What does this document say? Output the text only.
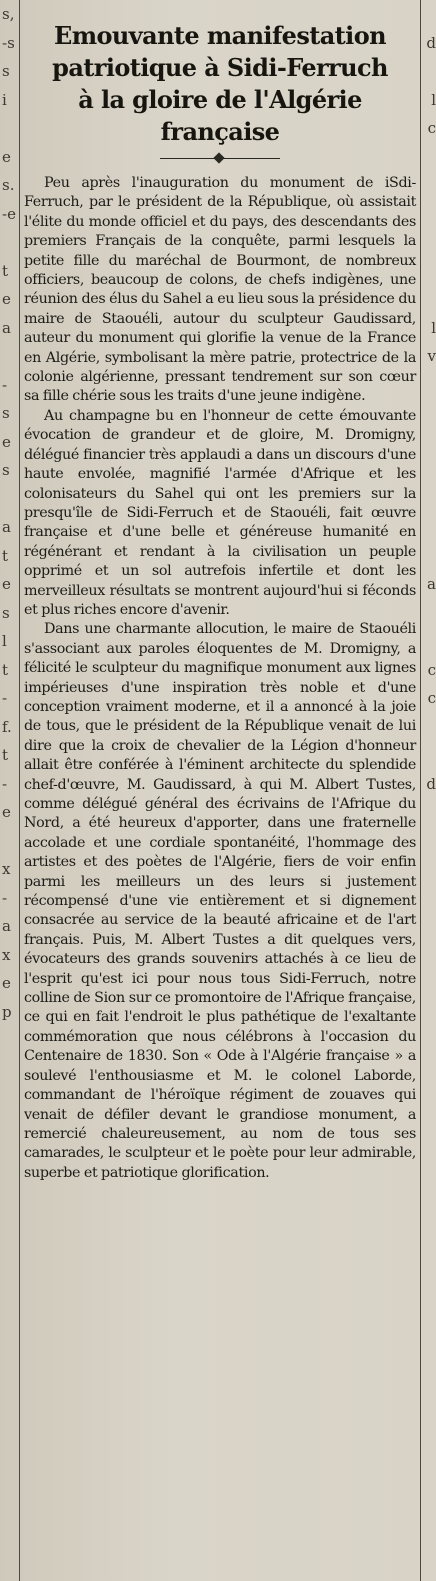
s,
-s
s
i

e
s.
-e

t
e
a

-
s
e
s

a
t
e
s
l
t
-
f.
t
-
e

x
-
a
x
e
p

d

l
c

l
v

a

c
c

d
Emouvante manifestation
patriotique à Sidi-Ferruch
à la gloire de l'Algérie
française

Peu après l'inauguration du monument de iSdi-Ferruch, par le président de la République, où assistait l'élite du monde officiel et du pays, des descendants des premiers Français de la conquête, parmi lesquels la petite fille du maréchal de Bourmont, de nombreux officiers, beaucoup de colons, de chefs indigènes, une réunion des élus du Sahel a eu lieu sous la présidence du maire de Staouéli, autour du sculpteur Gaudissard, auteur du monument qui glorifie la venue de la France en Algérie, symbolisant la mère patrie, protectrice de la colonie algérienne, pressant tendrement sur son cœur sa fille chérie sous les traits d'une jeune indigène.

Au champagne bu en l'honneur de cette émouvante évocation de grandeur et de gloire, M. Dromigny, délégué financier très applaudi a dans un discours d'une haute envolée, magnifié l'armée d'Afrique et les colonisateurs du Sahel qui ont les premiers sur la presqu'île de Sidi-Ferruch et de Staouéli, fait œuvre française et d'une belle et généreuse humanité en régénérant et rendant à la civilisation un peuple opprimé et un sol autrefois infertile et dont les merveilleux résultats se montrent aujourd'hui si féconds et plus riches encore d'avenir.

Dans une charmante allocution, le maire de Staouéli s'associant aux paroles éloquentes de M. Dromigny, a félicité le sculpteur du magnifique monument aux lignes impérieuses d'une inspiration très noble et d'une conception vraiment moderne, et il a annoncé à la joie de tous, que le président de la République venait de lui dire que la croix de chevalier de la Légion d'honneur allait être conférée à l'éminent architecte du splendide chef-d'œuvre, M. Gaudissard, à qui M. Albert Tustes, comme délégué général des écrivains de l'Afrique du Nord, a été heureux d'apporter, dans une fraternelle accolade et une cordiale spontanéité, l'hommage des artistes et des poètes de l'Algérie, fiers de voir enfin parmi les meilleurs un des leurs si justement récompensé d'une vie entièrement et si dignement consacrée au service de la beauté africaine et de l'art français. Puis, M. Albert Tustes a dit quelques vers, évocateurs des grands souvenirs attachés à ce lieu de l'esprit qu'est ici pour nous tous Sidi-Ferruch, notre colline de Sion sur ce promontoire de l'Afrique française, ce qui en fait l'endroit le plus pathétique de l'exaltante commémoration que nous célébrons à l'occasion du Centenaire de 1830. Son « Ode à l'Algérie française » a soulevé l'enthousiasme et M. le colonel Laborde, commandant de l'héroïque régiment de zouaves qui venait de défiler devant le grandiose monument, a remercié chaleureusement, au nom de tous ses camarades, le sculpteur et le poète pour leur admirable, superbe et patriotique glorification.
